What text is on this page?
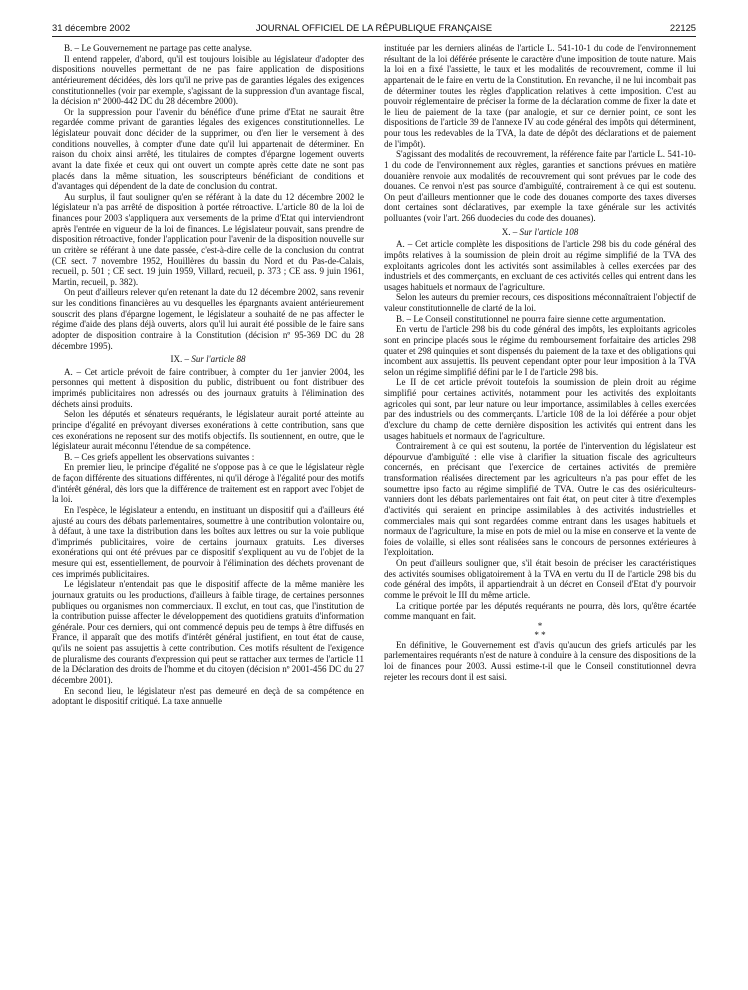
31 décembre 2002	JOURNAL OFFICIEL DE LA RÉPUBLIQUE FRANÇAISE	22125

B. – Le Gouvernement ne partage pas cette analyse.

Il entend rappeler, d'abord, qu'il est toujours loisible au législateur d'adopter des dispositions nouvelles permettant de ne pas faire application de dispositions antérieurement décidées, dès lors qu'il ne prive pas de garanties légales des exigences constitutionnelles (voir par exemple, s'agissant de la suppression d'un avantage fiscal, la décision nº 2000-442 DC du 28 décembre 2000).

Or la suppression pour l'avenir du bénéfice d'une prime d'Etat ne saurait être regardée comme privant de garanties légales des exigences constitutionnelles. Le législateur pouvait donc décider de la supprimer, ou d'en lier le versement à des conditions nouvelles, à compter d'une date qu'il lui appartenait de déterminer. En raison du choix ainsi arrêté, les titulaires de comptes d'épargne logement ouverts avant la date fixée et ceux qui ont ouvert un compte après cette date ne sont pas placés dans la même situation, les souscripteurs bénéficiant de conditions et d'avantages qui dépendent de la date de conclusion du contrat.

Au surplus, il faut souligner qu'en se référant à la date du 12 décembre 2002 le législateur n'a pas arrêté de disposition à portée rétroactive. L'article 80 de la loi de finances pour 2003 s'appliquera aux versements de la prime d'Etat qui interviendront après l'entrée en vigueur de la loi de finances. Le législateur pouvait, sans prendre de disposition rétroactive, fonder l'application pour l'avenir de la disposition nouvelle sur un critère se référant à une date passée, c'est-à-dire celle de la conclusion du contrat (CE sect. 7 novembre 1952, Houillères du bassin du Nord et du Pas-de-Calais, recueil, p. 501 ; CE sect. 19 juin 1959, Villard, recueil, p. 373 ; CE ass. 9 juin 1961, Martin, recueil, p. 382).

On peut d'ailleurs relever qu'en retenant la date du 12 décembre 2002, sans revenir sur les conditions financières au vu desquelles les épargnants avaient antérieurement souscrit des plans d'épargne logement, le législateur a souhaité de ne pas affecter le régime d'aide des plans déjà ouverts, alors qu'il lui aurait été possible de le faire sans adopter de disposition contraire à la Constitution (décision nº 95-369 DC du 28 décembre 1995).

IX. – Sur l'article 88

A. – Cet article prévoit de faire contribuer, à compter du 1er janvier 2004, les personnes qui mettent à disposition du public, distribuent ou font distribuer des imprimés publicitaires non adressés ou des journaux gratuits à l'élimination des déchets ainsi produits.

Selon les députés et sénateurs requérants, le législateur aurait porté atteinte au principe d'égalité en prévoyant diverses exonérations à cette contribution, sans que ces exonérations ne reposent sur des motifs objectifs. Ils soutiennent, en outre, que le législateur aurait méconnu l'étendue de sa compétence.

B. – Ces griefs appellent les observations suivantes :

En premier lieu, le principe d'égalité ne s'oppose pas à ce que le législateur règle de façon différente des situations différentes, ni qu'il déroge à l'égalité pour des motifs d'intérêt général, dès lors que la différence de traitement est en rapport avec l'objet de la loi.

En l'espèce, le législateur a entendu, en instituant un dispositif qui a d'ailleurs été ajusté au cours des débats parlementaires, soumettre à une contribution volontaire ou, à défaut, à une taxe la distribution dans les boîtes aux lettres ou sur la voie publique d'imprimés publicitaires, voire de certains journaux gratuits. Les diverses exonérations qui ont été prévues par ce dispositif s'expliquent au vu de l'objet de la mesure qui est, essentiellement, de pourvoir à l'élimination des déchets provenant de ces imprimés publicitaires.

Le législateur n'entendait pas que le dispositif affecte de la même manière les journaux gratuits ou les productions, d'ailleurs à faible tirage, de certaines personnes publiques ou organismes non commerciaux. Il exclut, en tout cas, que l'institution de la contribution puisse affecter le développement des quotidiens gratuits d'information générale. Pour ces derniers, qui ont commencé depuis peu de temps à être diffusés en France, il apparaît que des motifs d'intérêt général justifient, en tout état de cause, qu'ils ne soient pas assujettis à cette contribution. Ces motifs résultent de l'exigence de pluralisme des courants d'expression qui peut se rattacher aux termes de l'article 11 de la Déclaration des droits de l'homme et du citoyen (décision nº 2001-456 DC du 27 décembre 2001).

En second lieu, le législateur n'est pas demeuré en deçà de sa compétence en adoptant le dispositif critiqué. La taxe annuelle

instituée par les derniers alinéas de l'article L. 541-10-1 du code de l'environnement résultant de la loi déférée présente le caractère d'une imposition de toute nature. Mais la loi en a fixé l'assiette, le taux et les modalités de recouvrement, comme il lui appartenait de le faire en vertu de la Constitution. En revanche, il ne lui incombait pas de déterminer toutes les règles d'application relatives à cette imposition. C'est au pouvoir réglementaire de préciser la forme de la déclaration comme de fixer la date et le lieu de paiement de la taxe (par analogie, et sur ce dernier point, ce sont les dispositions de l'article 39 de l'annexe IV au code général des impôts qui déterminent, pour tous les redevables de la TVA, la date de dépôt des déclarations et de paiement de l'impôt).

S'agissant des modalités de recouvrement, la référence faite par l'article L. 541-10-1 du code de l'environnement aux règles, garanties et sanctions prévues en matière douanière renvoie aux modalités de recouvrement qui sont prévues par le code des douanes. Ce renvoi n'est pas source d'ambiguïté, contrairement à ce qui est soutenu. On peut d'ailleurs mentionner que le code des douanes comporte des taxes diverses dont certaines sont déclaratives, par exemple la taxe générale sur les activités polluantes (voir l'art. 266 duodecies du code des douanes).

X. – Sur l'article 108

A. – Cet article complète les dispositions de l'article 298 bis du code général des impôts relatives à la soumission de plein droit au régime simplifié de la TVA des exploitants agricoles dont les activités sont assimilables à celles exercées par des industriels et des commerçants, en excluant de ces activités celles qui entrent dans les usages habituels et normaux de l'agriculture.

Selon les auteurs du premier recours, ces dispositions méconnaîtraient l'objectif de valeur constitutionnelle de clarté de la loi.

B. – Le Conseil constitutionnel ne pourra faire sienne cette argumentation.

En vertu de l'article 298 bis du code général des impôts, les exploitants agricoles sont en principe placés sous le régime du remboursement forfaitaire des articles 298 quater et 298 quinquies et sont dispensés du paiement de la taxe et des obligations qui incombent aux assujettis. Ils peuvent cependant opter pour leur imposition à la TVA selon un régime simplifié défini par le I de l'article 298 bis.

Le II de cet article prévoit toutefois la soumission de plein droit au régime simplifié pour certaines activités, notamment pour les activités des exploitants agricoles qui sont, par leur nature ou leur importance, assimilables à celles exercées par des industriels ou des commerçants. L'article 108 de la loi déférée a pour objet d'exclure du champ de cette dernière disposition les activités qui entrent dans les usages habituels et normaux de l'agriculture.

Contrairement à ce qui est soutenu, la portée de l'intervention du législateur est dépourvue d'ambiguïté : elle vise à clarifier la situation fiscale des agriculteurs concernés, en précisant que l'exercice de certaines activités de première transformation réalisées directement par les agriculteurs n'a pas pour effet de les soumettre ipso facto au régime simplifié de TVA. Outre le cas des osiériculteurs-vanniers dont les débats parlementaires ont fait état, on peut citer à titre d'exemples d'activités qui seraient en principe assimilables à des activités industrielles et commerciales mais qui sont regardées comme entrant dans les usages habituels et normaux de l'agriculture, la mise en pots de miel ou la mise en conserve et la vente de foies de volaille, si elles sont réalisées sans le concours de personnes extérieures à l'exploitation.

On peut d'ailleurs souligner que, s'il était besoin de préciser les caractéristiques des activités soumises obligatoirement à la TVA en vertu du II de l'article 298 bis du code général des impôts, il appartiendrait à un décret en Conseil d'Etat d'y pourvoir comme le prévoit le III du même article.

La critique portée par les députés requérants ne pourra, dès lors, qu'être écartée comme manquant en fait.

*
* *

En définitive, le Gouvernement est d'avis qu'aucun des griefs articulés par les parlementaires requérants n'est de nature à conduire à la censure des dispositions de la loi de finances pour 2003. Aussi estime-t-il que le Conseil constitutionnel devra rejeter les recours dont il est saisi.
